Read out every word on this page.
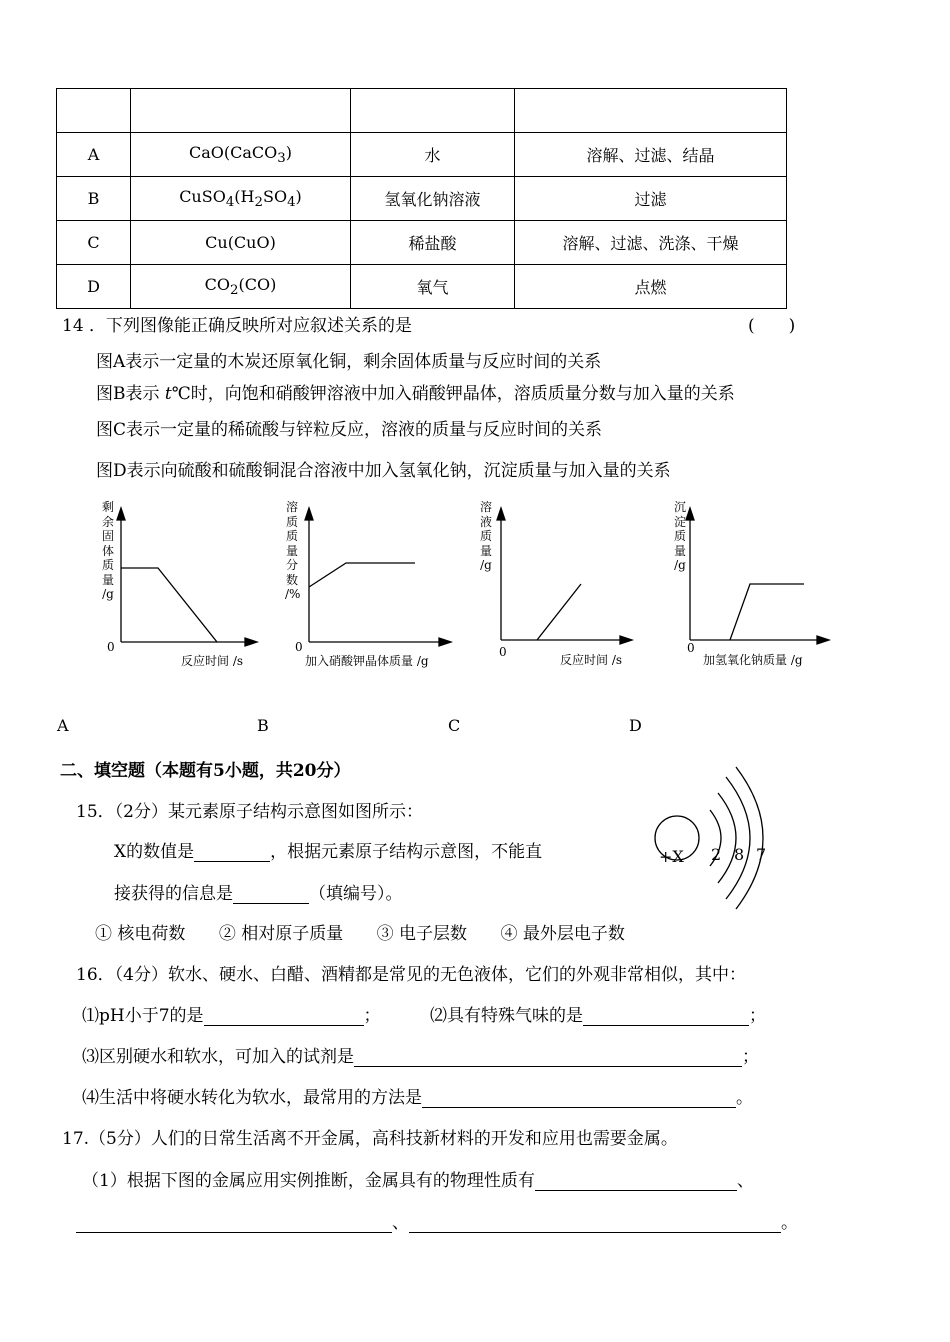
A	CaO(CaCO$_3$)	水	溶解、过滤、结晶
B	$CuSO_4(H_2SO_4)$	氢氧化钠溶液	过滤
C	Cu(CuO)	稀盐酸	溶解、过滤、洗涤、干燥
D	$CO_2(CO)$	氧气	点燃
14 ．下列图像能正确反映所对应叙述关系的是	(　　)
图A表示一定量的木炭还原氧化铜，剩余固体质量与反应时间的关系
图B表示 t℃时，向饱和硝酸钾溶液中加入硝酸钾晶体，溶质质量分数与加入量的关系
图C表示一定量的稀硫酸与锌粒反应，溶液的质量与反应时间的关系
图D表示向硫酸和硫酸铜混合溶液中加入氢氧化钠，沉淀质量与加入量的关系
剩
余
固
体
质
量
/g
0
反应时间 /s
溶
质
质
量
分
数
/%
0
加入硝酸钾晶体质量 /g
溶
液
质
量
/g
0
反应时间 /s
沉
淀
质
量
/g
0
加氢氧化钠质量 /g
A	B	C	D
二、填空题（本题有5小题，共20分）
15．（2分）某元素原子结构示意图如图所示：
X的数值是	，根据元素原子结构示意图，不能直
接获得的信息是	（填编号）。
① 核电荷数 ② 相对原子质量 ③ 电子层数 ④ 最外层电子数
+X 2 8 7
16．（4分）软水、硬水、白醋、酒精都是常见的无色液体，它们的外观非常相似，其中：
⑴pH小于7的是	；	⑵具有特殊气味的是	；
⑶区别硬水和软水，可加入的试剂是	；
⑷生活中将硬水转化为软水，最常用的方法是	。
17.（5分）人们的日常生活离不开金属，高科技新材料的开发和应用也需要金属。
（1）根据下图的金属应用实例推断，金属具有的物理性质有	、
、	。
